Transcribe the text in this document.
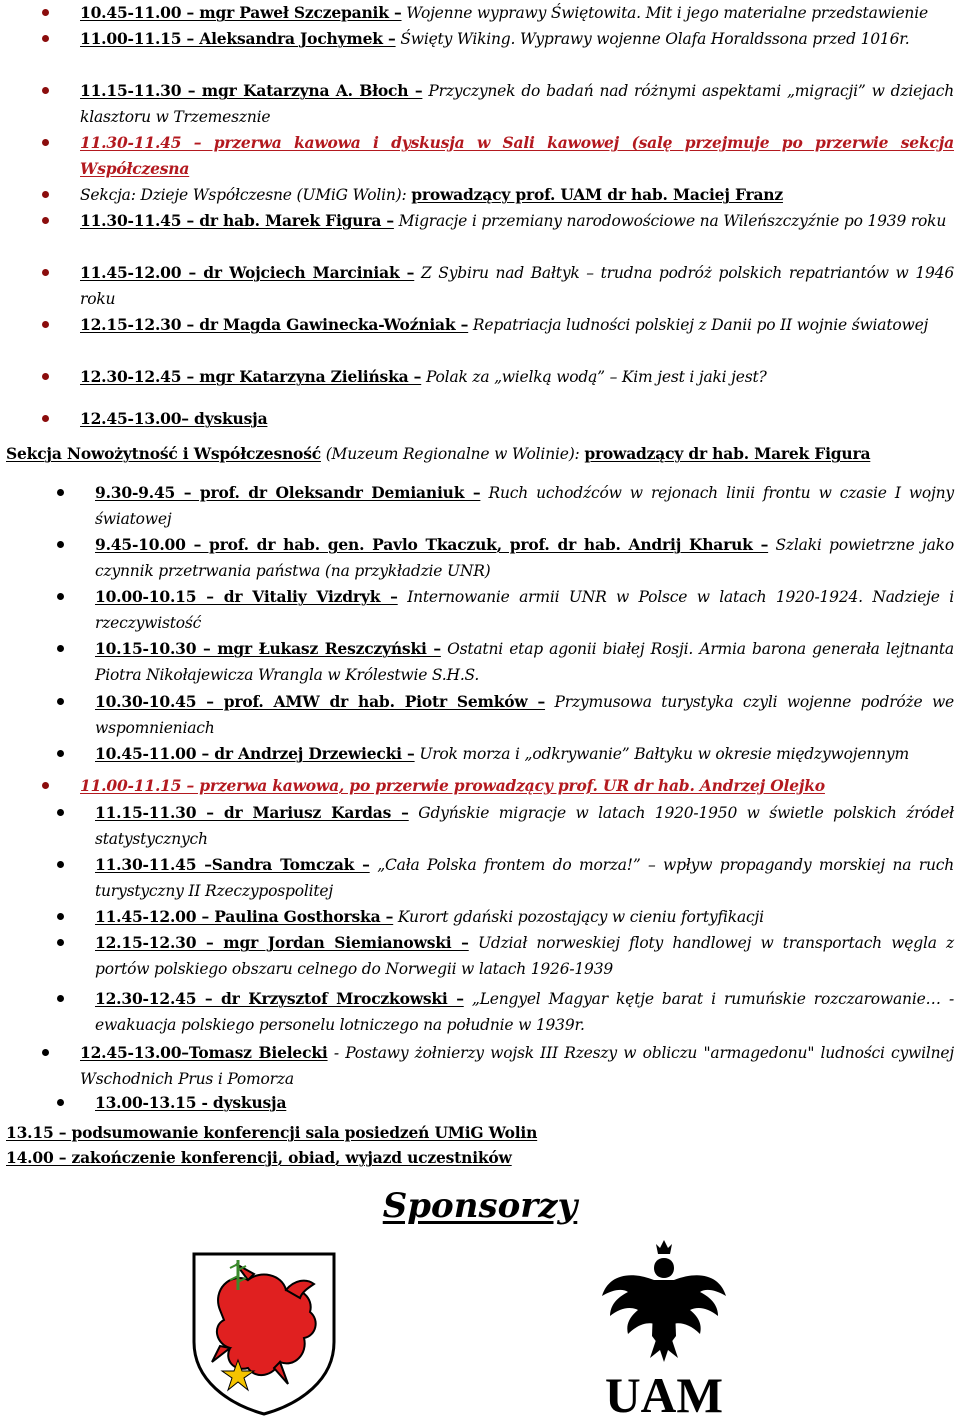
10.45-11.00 – mgr Paweł Szczepanik – Wojenne wyprawy Świętowita. Mit i jego materialne przedstawienie
11.00-11.15 – Aleksandra Jochymek – Święty Wiking. Wyprawy wojenne Olafa Horaldssona przed 1016r.
11.15-11.30 – mgr Katarzyna A. Błoch – Przyczynek do badań nad różnymi aspektami „migracji” w dziejach klasztoru w Trzemesznie
11.30-11.45 – przerwa kawowa i dyskusja w Sali kawowej (salę przejmuje po przerwie sekcja Współczesna
Sekcja: Dzieje Współczesne (UMiG Wolin): prowadzący prof. UAM dr hab. Maciej Franz
11.30-11.45 – dr hab. Marek Figura – Migracje i przemiany narodowościowe na Wileńszczyźnie po 1939 roku
11.45-12.00 – dr Wojciech Marciniak – Z Sybiru nad Bałtyk – trudna podróż polskich repatriantów w 1946 roku
12.15-12.30 – dr Magda Gawinecka-Woźniak – Repatriacja ludności polskiej z Danii po II wojnie światowej
12.30-12.45 – mgr Katarzyna Zielińska – Polak za „wielką wodą” – Kim jest i jaki jest?
12.45-13.00– dyskusja
Sekcja Nowożytność i Współczesność (Muzeum Regionalne w Wolinie): prowadzący dr hab. Marek Figura
9.30-9.45 – prof. dr Oleksandr Demianiuk – Ruch uchodźców w rejonach linii frontu w czasie I wojny światowej
9.45-10.00 – prof. dr hab. gen. Pavlo Tkaczuk, prof. dr hab. Andrij Kharuk – Szlaki powietrzne jako czynnik przetrwania państwa (na przykładzie UNR)
10.00-10.15 – dr Vitaliy Vizdryk – Internowanie armii UNR w Polsce w latach 1920-1924. Nadzieje i rzeczywistość
10.15-10.30 – mgr Łukasz Reszczyński – Ostatni etap agonii białej Rosji. Armia barona generała lejtnanta Piotra Nikołajewicza Wrangla w Królestwie S.H.S.
10.30-10.45 – prof. AMW dr hab. Piotr Semków – Przymusowa turystyka czyli wojenne podróże we wspomnieniach
10.45-11.00 – dr Andrzej Drzewiecki – Urok morza i „odkrywanie” Bałtyku w okresie międzywojennym
11.00-11.15 – przerwa kawowa, po przerwie prowadzący prof. UR dr hab. Andrzej Olejko
11.15-11.30 – dr Mariusz Kardas – Gdyńskie migracje w latach 1920-1950 w świetle polskich źródeł statystycznych
11.30-11.45 –Sandra Tomczak – „Cała Polska frontem do morza!” – wpływ propagandy morskiej na ruch turystyczny II Rzeczypospolitej
11.45-12.00 – Paulina Gosthorska – Kurort gdański pozostający w cieniu fortyfikacji
12.15-12.30 – mgr Jordan Siemianowski – Udział norweskiej floty handlowej w transportach węgla z portów polskiego obszaru celnego do Norwegii w latach 1926-1939
12.30-12.45 – dr Krzysztof Mroczkowski – „Lengyel Magyar kętje barat i rumuńskie rozczarowanie… - ewakuacja polskiego personelu lotniczego na południe w 1939r.
12.45-13.00–Tomasz Bielecki - Postawy żołnierzy wojsk III Rzeszy w obliczu "armagedonu" ludności cywilnej Wschodnich Prus i Pomorza
13.00-13.15 - dyskusja
13.15 – podsumowanie konferencji sala posiedzeń UMiG Wolin
14.00 – zakończenie konferencji, obiad, wyjazd uczestników
Sponsorzy
UAM
